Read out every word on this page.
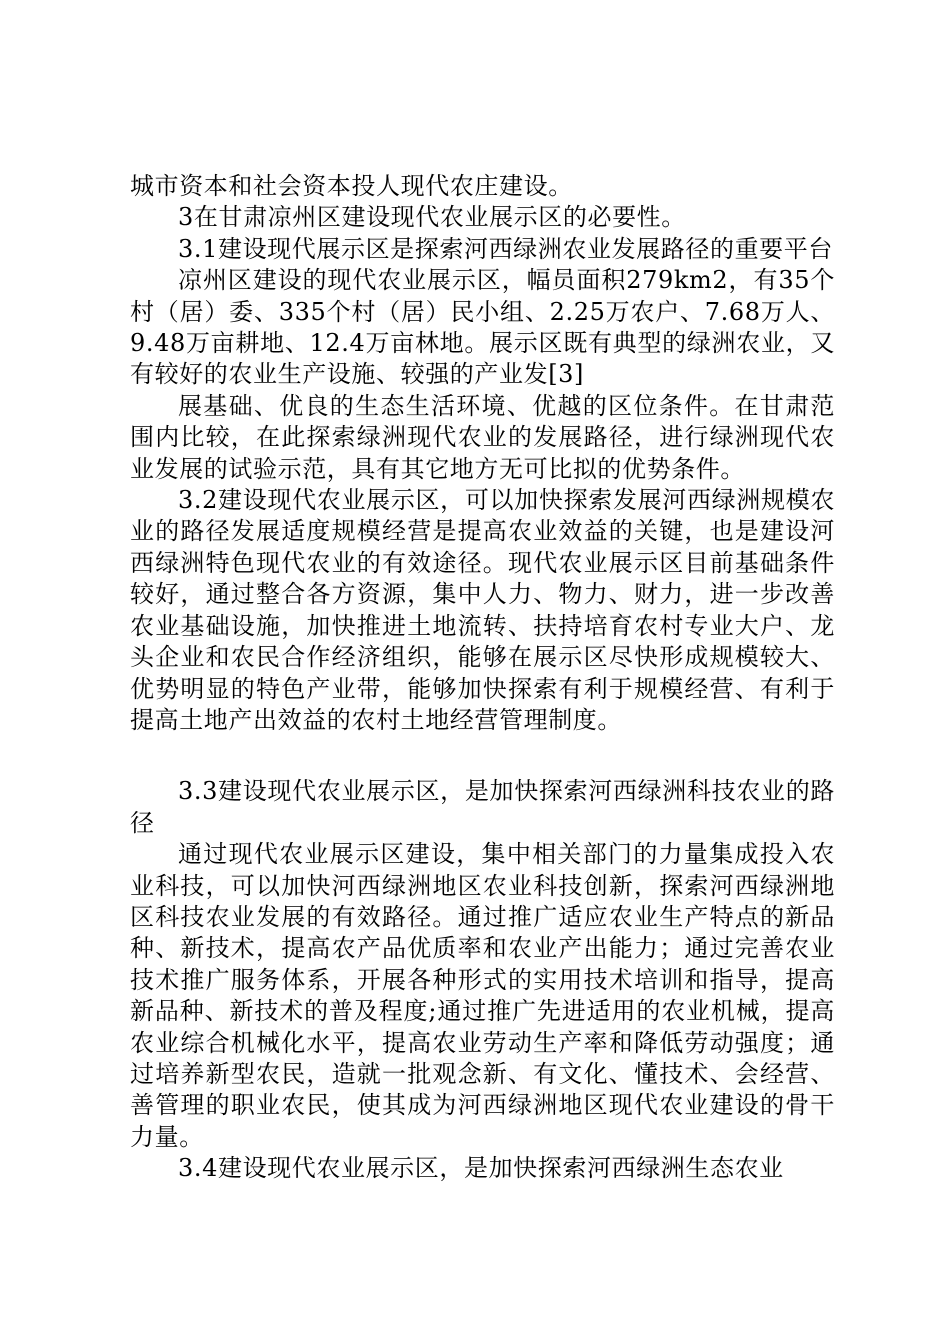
城市资本和社会资本投人现代农庄建设。

3在甘肃凉州区建设现代农业展示区的必要性。

3.1建设现代展示区是探索河西绿洲农业发展路径的重要平台

凉州区建设的现代农业展示区，幅员面积279km2，有35个村（居）委、335个村（居）民小组、2.25万农户、7.68万人、9.48万亩耕地、12.4万亩林地。展示区既有典型的绿洲农业，又有较好的农业生产设施、较强的产业发[3]

展基础、优良的生态生活环境、优越的区位条件。在甘肃范围内比较，在此探索绿洲现代农业的发展路径，进行绿洲现代农业发展的试验示范，具有其它地方无可比拟的优势条件。

3.2建设现代农业展示区，可以加快探索发展河西绿洲规模农业的路径发展适度规模经营是提高农业效益的关键，也是建设河西绿洲特色现代农业的有效途径。现代农业展示区目前基础条件较好，通过整合各方资源，集中人力、物力、财力，进一步改善农业基础设施，加快推进土地流转、扶持培育农村专业大户、龙头企业和农民合作经济组织，能够在展示区尽快形成规模较大、优势明显的特色产业带，能够加快探索有利于规模经营、有利于提高土地产出效益的农村土地经营管理制度。

3.3建设现代农业展示区，是加快探索河西绿洲科技农业的路径

通过现代农业展示区建设，集中相关部门的力量集成投入农业科技，可以加快河西绿洲地区农业科技创新，探索河西绿洲地区科技农业发展的有效路径。通过推广适应农业生产特点的新品种、新技术，提高农产品优质率和农业产出能力；通过完善农业技术推广服务体系，开展各种形式的实用技术培训和指导，提高新品种、新技术的普及程度;通过推广先进适用的农业机械，提高农业综合机械化水平，提高农业劳动生产率和降低劳动强度；通过培养新型农民，造就一批观念新、有文化、懂技术、会经营、善管理的职业农民，使其成为河西绿洲地区现代农业建设的骨干力量。

3.4建设现代农业展示区，是加快探索河西绿洲生态农业
